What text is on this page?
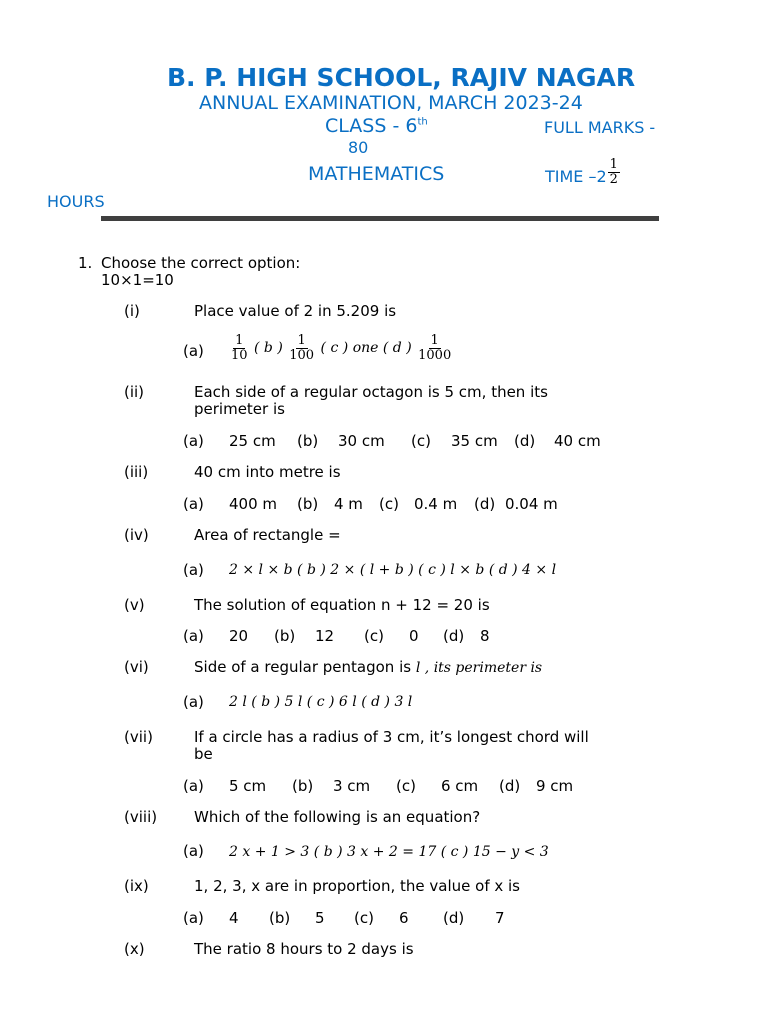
B. P. HIGH SCHOOL, RAJIV NAGAR
ANNUAL EXAMINATION, MARCH 2023-24
CLASS - 6th	FULL MARKS -
80
MATHEMATICS	TIME $-2 \frac{1}{2}$
HOURS
1. Choose the correct option:
10×1=10
(i)	Place value of 2 in 5.209 is
$(a) \frac{1}{10}$ ( b ) $\frac{1}{100}$ ( c ) one ( d ) $\frac{1}{1000}$
(ii)	Each side of a regular octagon is 5 cm, then its
perimeter is
(a) 25 cm (b) 30 cm (c) 35 cm (d) 40 cm
(iii)	40 cm into metre is
(a) 400 m (b) 4 m (c) 0.4 m (d) 0.04 m
(iv)	Area of rectangle =
(a) 2 × l × b ( b ) 2 × ( l + b ) ( c ) l × b ( d ) 4 × l
(v)	The solution of equation n + 12 = 20 is
(a) 20 (b) 12 (c) 0 (d) 8
(vi)	Side of a regular pentagon is l , its perimeter is
(a) 2 l ( b ) 5 l ( c ) 6 l ( d ) 3 l
(vii)	If a circle has a radius of 3 cm, it’s longest chord will
be
(a) 5 cm (b) 3 cm (c) 6 cm (d) 9 cm
(viii) Which of the following is an equation?
(a) 2 x + 1 > 3 ( b ) 3 x + 2 = 17 ( c ) 15 − y < 3
(ix)	1, 2, 3, x are in proportion, the value of x is
(a) 4 (b) 5 (c) 6 (d) 7
(x)	The ratio 8 hours to 2 days is
